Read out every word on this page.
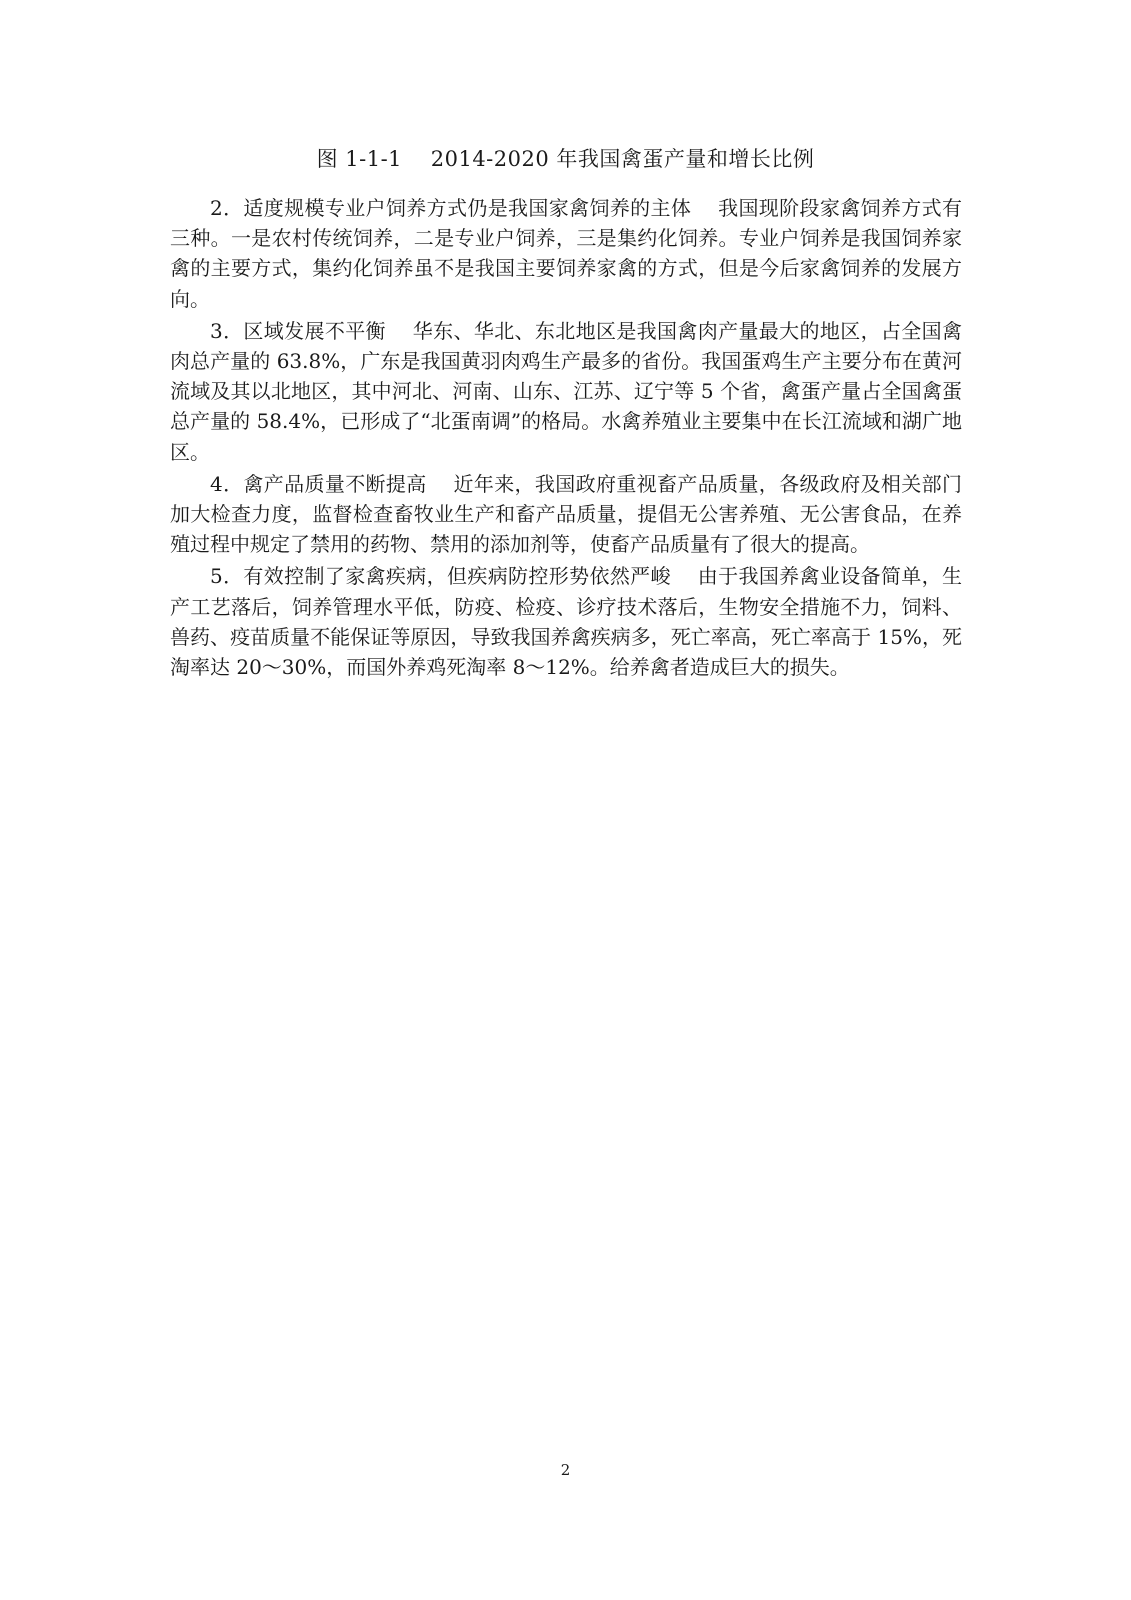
图 1-1-1    2014-2020 年我国禽蛋产量和增长比例

2．适度规模专业户饲养方式仍是我国家禽饲养的主体 我国现阶段家禽饲养方式有三种。一是农村传统饲养，二是专业户饲养，三是集约化饲养。专业户饲养是我国饲养家禽的主要方式，集约化饲养虽不是我国主要饲养家禽的方式，但是今后家禽饲养的发展方向。

3．区域发展不平衡 华东、华北、东北地区是我国禽肉产量最大的地区，占全国禽肉总产量的 63.8%，广东是我国黄羽肉鸡生产最多的省份。我国蛋鸡生产主要分布在黄河流域及其以北地区，其中河北、河南、山东、江苏、辽宁等 5 个省，禽蛋产量占全国禽蛋总产量的 58.4%，已形成了“北蛋南调”的格局。水禽养殖业主要集中在长江流域和湖广地区。

4．禽产品质量不断提高 近年来，我国政府重视畜产品质量，各级政府及相关部门加大检查力度，监督检查畜牧业生产和畜产品质量，提倡无公害养殖、无公害食品，在养殖过程中规定了禁用的药物、禁用的添加剂等，使畜产品质量有了很大的提高。

5．有效控制了家禽疾病，但疾病防控形势依然严峻 由于我国养禽业设备简单，生产工艺落后，饲养管理水平低，防疫、检疫、诊疗技术落后，生物安全措施不力，饲料、兽药、疫苗质量不能保证等原因，导致我国养禽疾病多，死亡率高，死亡率高于 15%，死淘率达 20～30%，而国外养鸡死淘率 8～12%。给养禽者造成巨大的损失。

2
